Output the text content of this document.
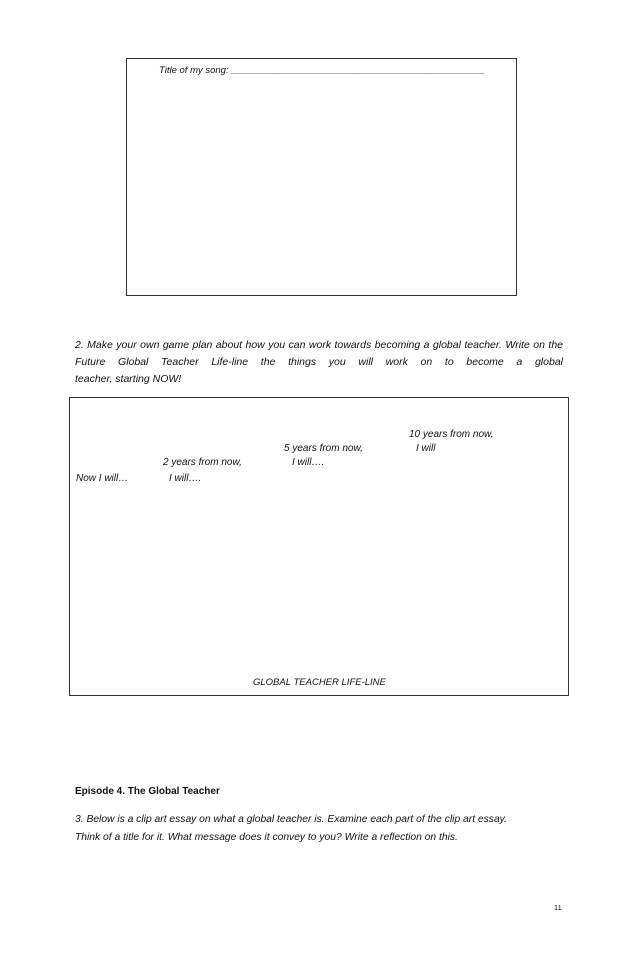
Title of my song: ________________________________________________
2. Make your own game plan about how you can work towards becoming a global teacher. Write on the Future Global Teacher Life-line the things you will work on to become a global
teacher, starting NOW!
10 years from now,
I will
5 years from now,
I will….
2 years from now,
I will….
Now I will…
GLOBAL TEACHER LIFE-LINE
Episode 4. The Global Teacher
3. Below is a clip art essay on what a global teacher is. Examine each part of the clip art essay.
Think of a title for it. What message does it convey to you? Write a reflection on this.
11
